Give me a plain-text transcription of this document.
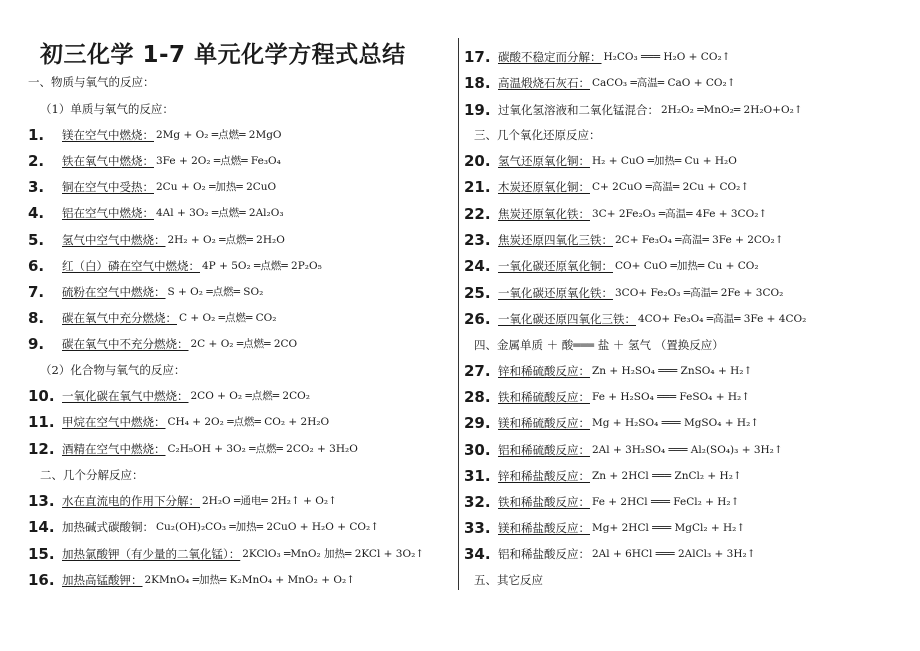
初三化学 1-7 单元化学方程式总结
一、物质与氧气的反应：
（1）单质与氧气的反应：
1.	镁在空气中燃烧： 2Mg + O₂ ═点燃═ 2MgO
2.	铁在氧气中燃烧： 3Fe + 2O₂ ═点燃═ Fe₃O₄
3.	铜在空气中受热： 2Cu + O₂ ═加热═ 2CuO
4.	铝在空气中燃烧： 4Al + 3O₂ ═点燃═ 2Al₂O₃
5.	氢气中空气中燃烧： 2H₂ + O₂ ═点燃═ 2H₂O
6.	红（白）磷在空气中燃烧： 4P + 5O₂ ═点燃═ 2P₂O₅
7.	硫粉在空气中燃烧： S + O₂ ═点燃═ SO₂
8.	碳在氧气中充分燃烧： C + O₂ ═点燃═ CO₂
9.	碳在氧气中不充分燃烧： 2C + O₂ ═点燃═ 2CO
（2）化合物与氧气的反应：
10. 一氧化碳在氧气中燃烧： 2CO + O₂ ═点燃═ 2CO₂
11. 甲烷在空气中燃烧： CH₄ + 2O₂ ═点燃═ CO₂ + 2H₂O
12. 酒精在空气中燃烧： C₂H₅OH + 3O₂ ═点燃═ 2CO₂ + 3H₂O
二、几个分解反应：
13. 水在直流电的作用下分解： 2H₂O ═通电═ 2H₂↑ + O₂↑
14. 加热碱式碳酸铜： Cu₂(OH)₂CO₃ ═加热═ 2CuO + H₂O + CO₂↑
15. 加热氯酸钾（有少量的二氧化锰）： 2KClO₃ ═MnO₂ 加热═ 2KCl + 3O₂↑
16. 加热高锰酸钾： 2KMnO₄ ═加热═ K₂MnO₄ + MnO₂ + O₂↑
17. 碳酸不稳定而分解： H₂CO₃ ═══ H₂O + CO₂↑
18. 高温煅烧石灰石： CaCO₃ ═高温═ CaO + CO₂↑
19. 过氧化氢溶液和二氧化锰混合： 2H₂O₂ ═MnO₂═ 2H₂O+O₂↑
三、几个氧化还原反应：
20. 氢气还原氧化铜： H₂ + CuO ═加热═ Cu + H₂O
21. 木炭还原氧化铜： C+ 2CuO ═高温═ 2Cu + CO₂↑
22. 焦炭还原氧化铁： 3C+ 2Fe₂O₃ ═高温═ 4Fe + 3CO₂↑
23. 焦炭还原四氧化三铁： 2C+ Fe₃O₄ ═高温═ 3Fe + 2CO₂↑
24. 一氧化碳还原氧化铜： CO+ CuO ═加热═ Cu + CO₂
25. 一氧化碳还原氧化铁： 3CO+ Fe₂O₃ ═高温═ 2Fe + 3CO₂
26. 一氧化碳还原四氧化三铁： 4CO+ Fe₃O₄ ═高温═ 3Fe + 4CO₂
四、金属单质 ＋ 酸═══ 盐 ＋ 氢气 （置换反应）
27. 锌和稀硫酸反应： Zn + H₂SO₄ ═══ ZnSO₄ + H₂↑
28. 铁和稀硫酸反应： Fe + H₂SO₄ ═══ FeSO₄ + H₂↑
29. 镁和稀硫酸反应： Mg + H₂SO₄ ═══ MgSO₄ + H₂↑
30. 铝和稀硫酸反应： 2Al + 3H₂SO₄ ═══ Al₂(SO₄)₃ + 3H₂↑
31. 锌和稀盐酸反应： Zn + 2HCl ═══ ZnCl₂ + H₂↑
32. 铁和稀盐酸反应： Fe + 2HCl ═══ FeCl₂ + H₂↑
33. 镁和稀盐酸反应： Mg+ 2HCl ═══ MgCl₂ + H₂↑
34. 铝和稀盐酸反应： 2Al + 6HCl ═══ 2AlCl₃ + 3H₂↑
五、其它反应
